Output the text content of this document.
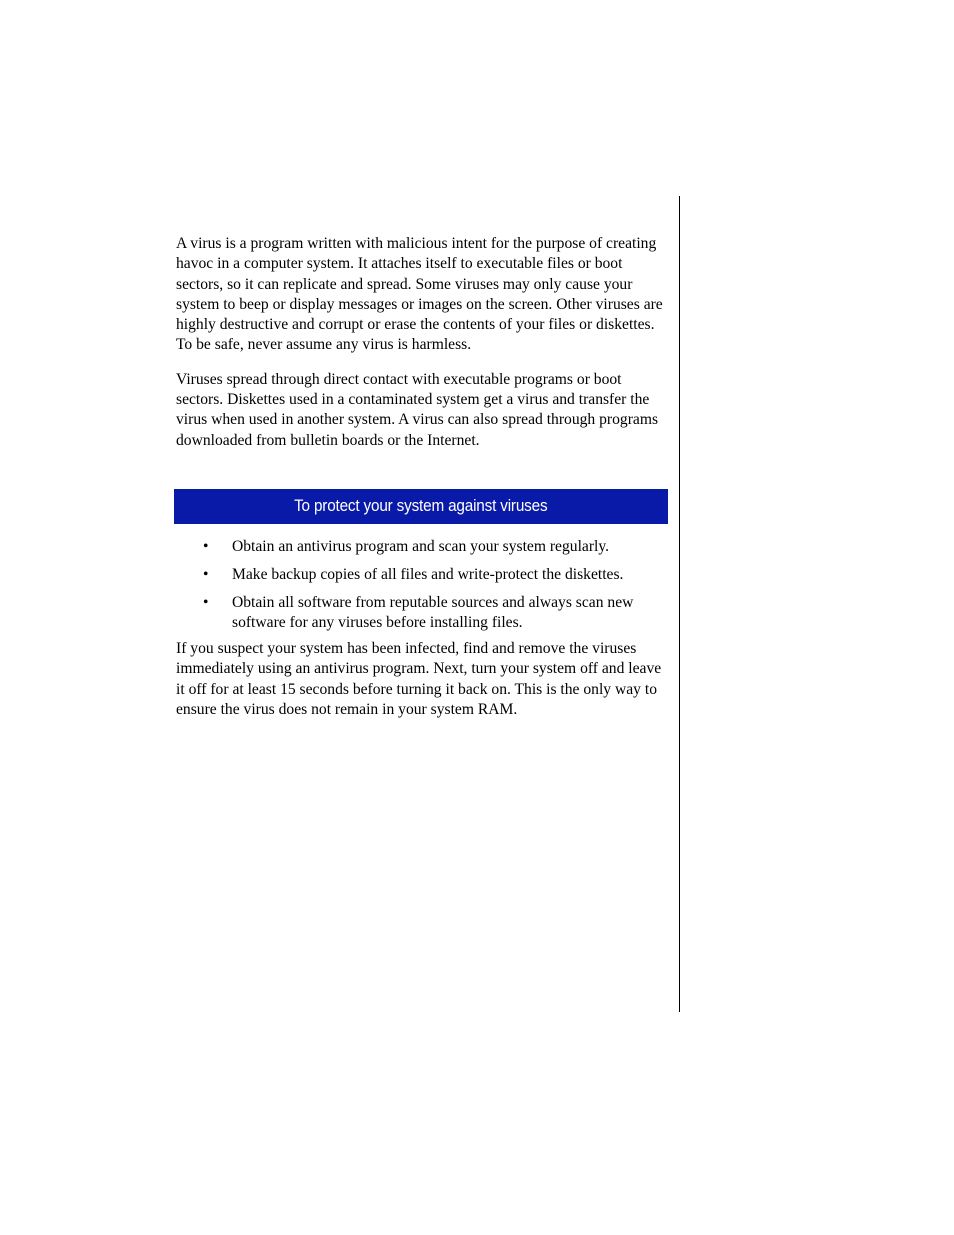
A virus is a program written with malicious intent for the purpose of creating havoc in a computer system. It attaches itself to executable files or boot sectors, so it can replicate and spread. Some viruses may only cause your system to beep or display messages or images on the screen. Other viruses are highly destructive and corrupt or erase the contents of your files or diskettes. To be safe, never assume any virus is harmless.

Viruses spread through direct contact with executable programs or boot sectors. Diskettes used in a contaminated system get a virus and transfer the virus when used in another system. A virus can also spread through programs downloaded from bulletin boards or the Internet.

To protect your system against viruses
• Obtain an antivirus program and scan your system regularly.
• Make backup copies of all files and write-protect the diskettes.
• Obtain all software from reputable sources and always scan new software for any viruses before installing files.

If you suspect your system has been infected, find and remove the viruses immediately using an antivirus program. Next, turn your system off and leave it off for at least 15 seconds before turning it back on. This is the only way to ensure the virus does not remain in your system RAM.
